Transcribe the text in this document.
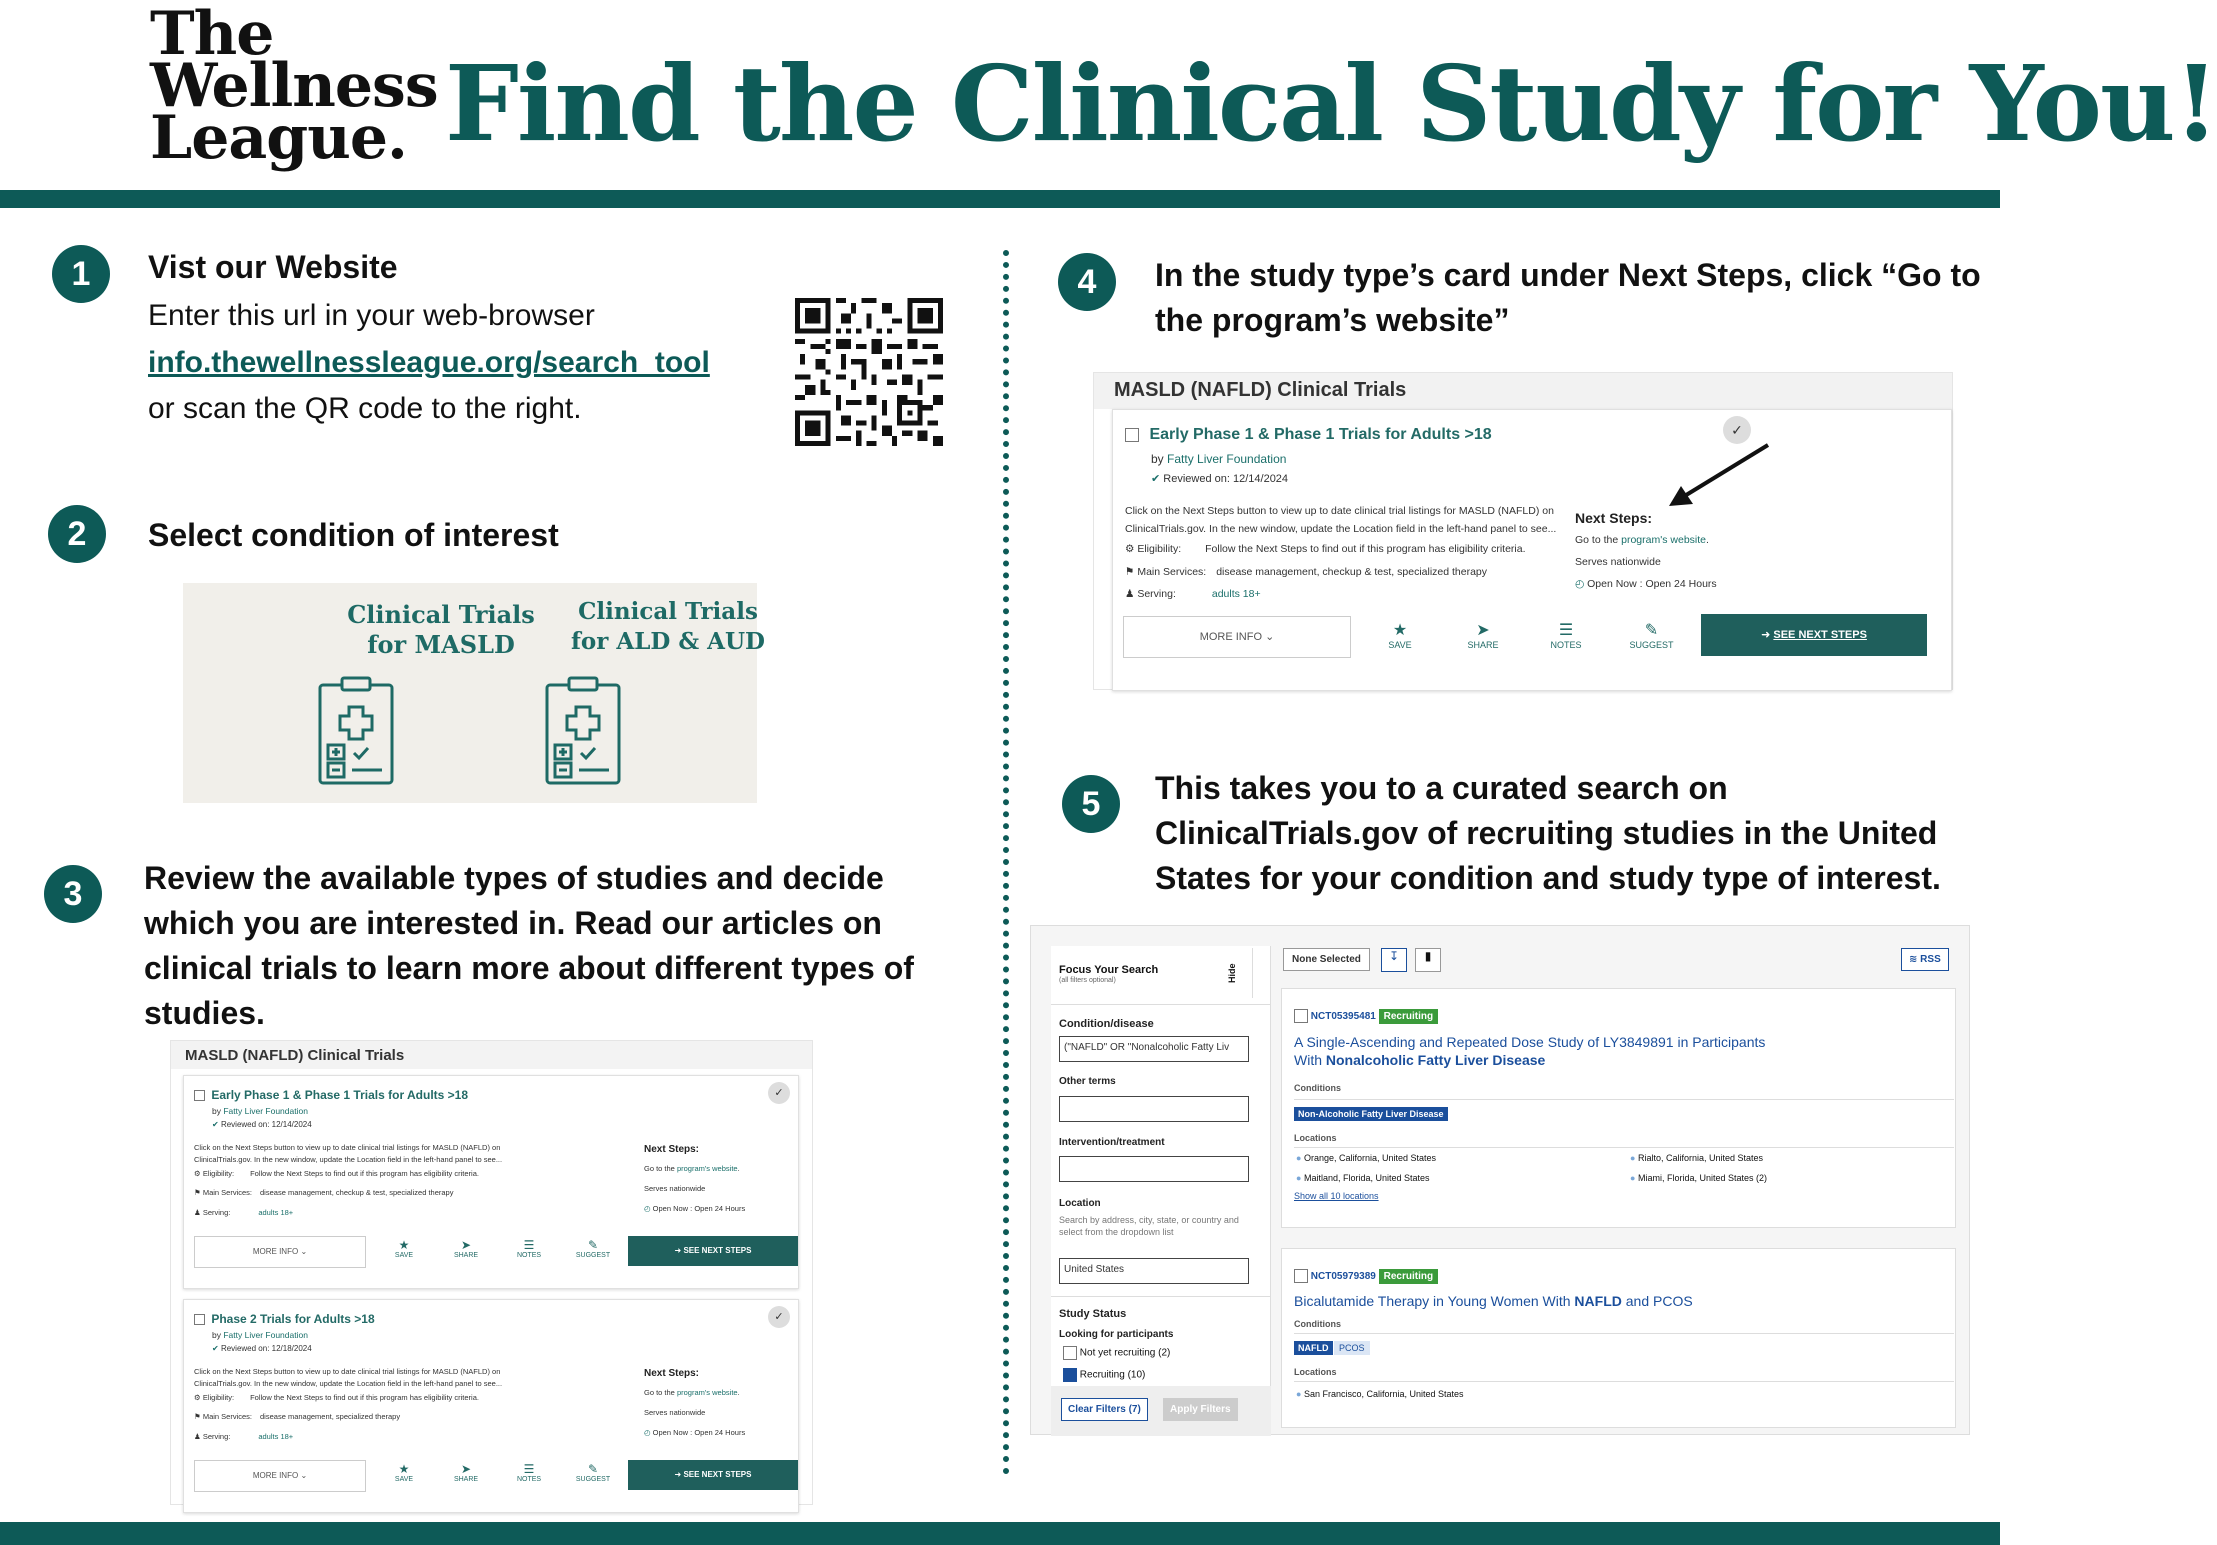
The
Wellness
League. Find the Clinical Study for You!
1	Vist our Website
Enter this url in your web-browser
info.thewellnessleague.org/search_tool
or scan the QR code to the right.
2	Select condition of interest
Clinical Trials for MASLD
Clinical Trials for ALD & AUD
3	Review the available types of studies and decide which you are interested in. Read our articles on clinical trials to learn more about different types of studies.
MASLD (NAFLD) Clinical Trials
Early Phase 1 & Phase 1 Trials for Adults >18
by Fatty Liver Foundation
✔ Reviewed on: 12/14/2024
Click on the Next Steps button to view up to date clinical trial listings for MASLD (NAFLD) on
ClinicalTrials.gov. In the new window, update the Location field in the left-hand panel to see...
⚙ Eligibility: Follow the Next Steps to find out if this program has eligibility criteria.
⚑ Main Services: disease management, checkup & test, specialized therapy
♟ Serving:	adults 18+
Next Steps:
Go to the program's website.
Serves nationwide
◴ Open Now : Open 24 Hours
✓
MORE INFO ⌄	★
SAVE
➤
SHARE
☰
NOTES
✎
SUGGEST
➜ SEE NEXT STEPS
Phase 2 Trials for Adults >18
by Fatty Liver Foundation
✔ Reviewed on: 12/18/2024
Click on the Next Steps button to view up to date clinical trial listings for MASLD (NAFLD) on
ClinicalTrials.gov. In the new window, update the Location field in the left-hand panel to see...
⚙ Eligibility: Follow the Next Steps to find out if this program has eligibility criteria.
⚑ Main Services: disease management, specialized therapy
♟ Serving:	adults 18+
Next Steps:
Go to the program's website.
Serves nationwide
◴ Open Now : Open 24 Hours
✓
MORE INFO ⌄	★
SAVE
➤
SHARE
☰
NOTES
✎
SUGGEST
➜ SEE NEXT STEPS
4	In the study type’s card under Next Steps, click “Go to the program’s website”
MASLD (NAFLD) Clinical Trials
Early Phase 1 & Phase 1 Trials for Adults >18
by Fatty Liver Foundation
✔ Reviewed on: 12/14/2024
Click on the Next Steps button to view up to date clinical trial listings for MASLD (NAFLD) on
ClinicalTrials.gov. In the new window, update the Location field in the left-hand panel to see...
⚙ Eligibility: Follow the Next Steps to find out if this program has eligibility criteria.
⚑ Main Services: disease management, checkup & test, specialized therapy
♟ Serving:	adults 18+
Next Steps:
Go to the program's website.
Serves nationwide
◴ Open Now : Open 24 Hours
✓
MORE INFO ⌄	★
SAVE
➤
SHARE
☰
NOTES
✎
SUGGEST
➜ SEE NEXT STEPS
5	This takes you to a curated search on ClinicalTrials.gov of recruiting studies in the United States for your condition and study type of interest.
Focus Your Search
(all filters optional)	Hide
Condition/disease
("NAFLD" OR "Nonalcoholic Fatty Liv
Other terms
Intervention/treatment
Location
Search by address, city, state, or country and select from the dropdown list
United States
Study Status
Looking for participants
Not yet recruiting (2)
Recruiting (10)
Clear Filters (7)	Apply Filters
None Selected	↧	▮	≋ RSS
NCT05395481 Recruiting
A Single-Ascending and Repeated Dose Study of LY3849891 in Participants
With Nonalcoholic Fatty Liver Disease
Conditions
Non-Alcoholic Fatty Liver Disease
Locations
● Orange, California, United States	● Rialto, California, United States
● Maitland, Florida, United States	● Miami, Florida, United States (2)
Show all 10 locations
NCT05979389 Recruiting
Bicalutamide Therapy in Young Women With NAFLD and PCOS
Conditions
NAFLD	PCOS
Locations
● San Francisco, California, United States
